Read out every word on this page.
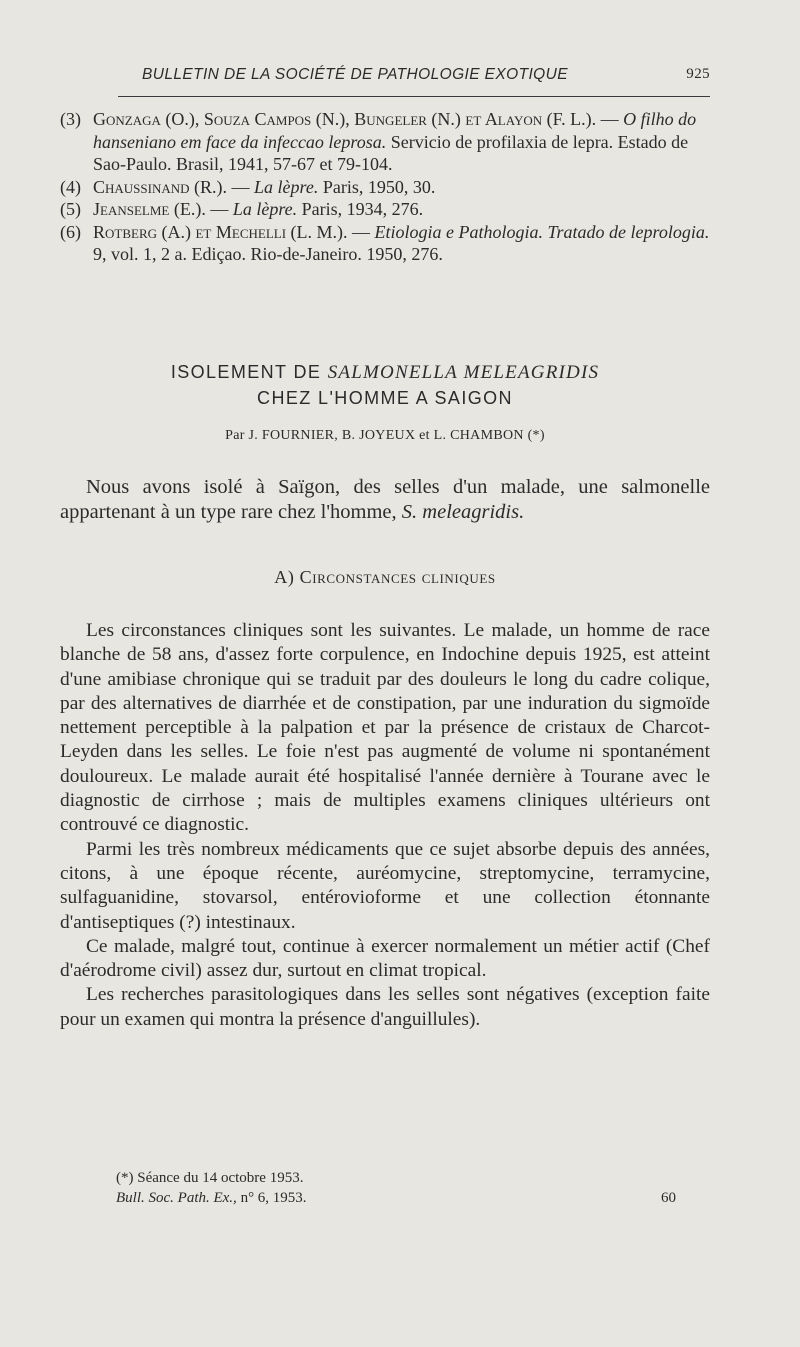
BULLETIN DE LA SOCIÉTÉ DE PATHOLOGIE EXOTIQUE	925

(3) Gonzaga (O.), Souza Campos (N.), Bungeler (N.) et Alayon (F. L.). — O filho do hanseniano em face da infeccao leprosa. Servicio de profilaxia de lepra. Estado de Sao-Paulo. Brasil, 1941, 57-67 et 79-104.

(4) Chaussinand (R.). — La lèpre. Paris, 1950, 30.

(5) Jeanselme (E.). — La lèpre. Paris, 1934, 276.

(6) Rotberg (A.) et Mechelli (L. M.). — Etiologia e Pathologia. Tratado de leprologia. 9, vol. 1, 2 a. Ediçao. Rio-de-Janeiro. 1950, 276.

ISOLEMENT DE SALMONELLA MELEAGRIDIS
CHEZ L'HOMME A SAIGON
Par J. FOURNIER, B. JOYEUX et L. CHAMBON (*)

Nous avons isolé à Saïgon, des selles d'un malade, une salmonelle appartenant à un type rare chez l'homme, S. meleagridis.

A) Circonstances cliniques

Les circonstances cliniques sont les suivantes. Le malade, un homme de race blanche de 58 ans, d'assez forte corpulence, en Indochine depuis 1925, est atteint d'une amibiase chronique qui se traduit par des douleurs le long du cadre colique, par des alternatives de diarrhée et de constipation, par une induration du sigmoïde nettement perceptible à la palpation et par la présence de cristaux de Charcot-Leyden dans les selles. Le foie n'est pas augmenté de volume ni spontanément douloureux. Le malade aurait été hospitalisé l'année dernière à Tourane avec le diagnostic de cirrhose ; mais de multiples examens cliniques ultérieurs ont controuvé ce diagnostic.

Parmi les très nombreux médicaments que ce sujet absorbe depuis des années, citons, à une époque récente, auréomycine, streptomycine, terramycine, sulfaguanidine, stovarsol, entéroviοforme et une collection étonnante d'antiseptiques (?) intestinaux.

Ce malade, malgré tout, continue à exercer normalement un métier actif (Chef d'aérodrome civil) assez dur, surtout en climat tropical.

Les recherches parasitologiques dans les selles sont négatives (exception faite pour un examen qui montra la présence d'anguillules).

(*) Séance du 14 octobre 1953.
Bull. Soc. Path. Ex., n° 6, 1953.	60
